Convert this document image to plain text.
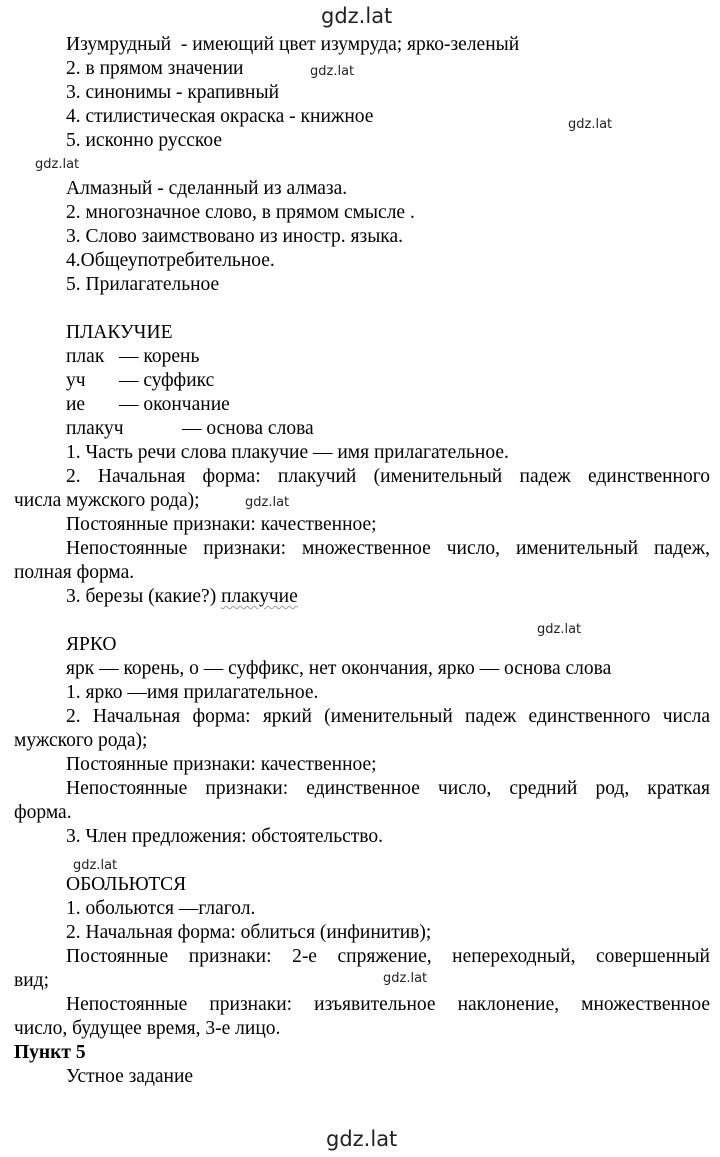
gdz.lat
gdz.lat
gdz.lat
gdz.lat
gdz.lat
gdz.lat
gdz.lat
gdz.lat
gdz.lat
Изумрудный  - имеющий цвет изумруда; ярко-зеленый
2. в прямом значении
3. синонимы - крапивный
4. стилистическая окраска - книжное
5. исконно русское
Алмазный - сделанный из алмаза.
2. многозначное слово, в прямом смысле .
3. Слово заимствовано из иностр. языка.
4.Общеупотребительное.
5. Прилагательное
ПЛАКУЧИЕ
плак — корень
уч — суффикс
ие — окончание
плакуч	— основа слова
1. Часть речи слова плакучие — имя прилагательное.
2. Начальная форма: плакучий (именительный падеж единственного
числа мужского рода);
Постоянные признаки: качественное;
Непостоянные признаки: множественное число, именительный падеж,
полная форма.
3. березы (какие?) плакучие
ЯРКО
ярк — корень, о — суффикс, нет окончания, ярко — основа слова
1. ярко —имя прилагательное.
2. Начальная форма: яркий (именительный падеж единственного числа
мужского рода);
Постоянные признаки: качественное;
Непостоянные признаки: единственное число, средний род, краткая
форма.
3. Член предложения: обстоятельство.
ОБОЛЬЮТСЯ
1. обольются —глагол.
2. Начальная форма: облиться (инфинитив);
Постоянные признаки: 2-е спряжение, непереходный, совершенный
вид;
Непостоянные признаки: изъявительное наклонение, множественное
число, будущее время, 3-е лицо.
Пункт 5
Устное задание
